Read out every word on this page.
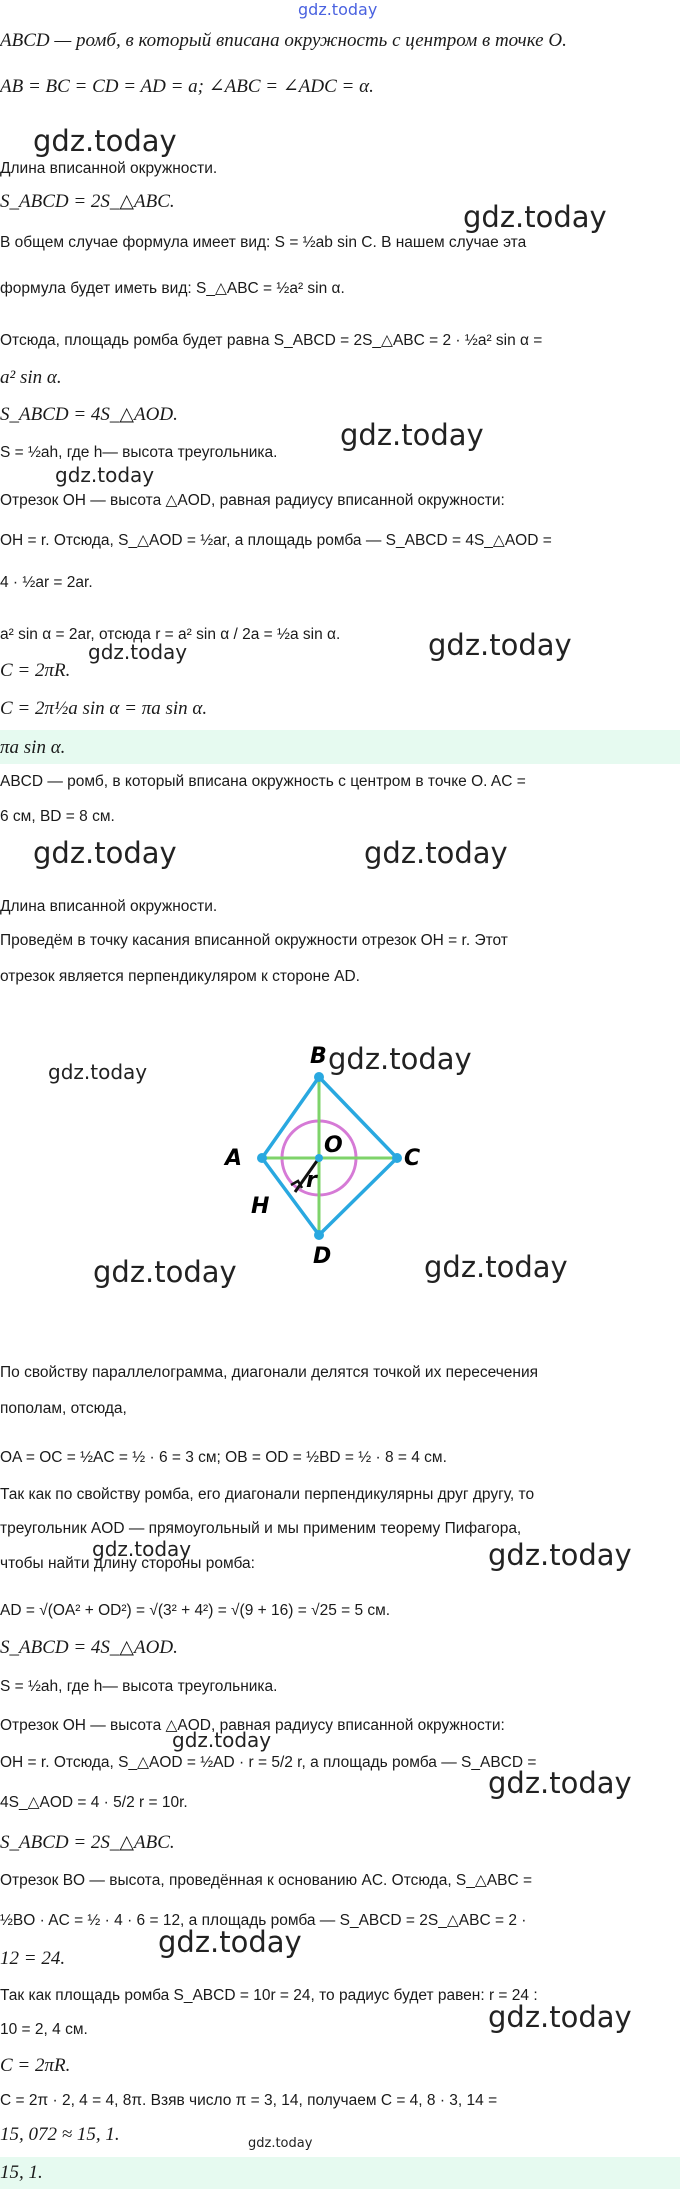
gdz.today
ABCD — ромб, в который вписана окружность с центром в точке O.
AB = BC = CD = AD = a; ∠ABC = ∠ADC = α.
Длина вписанной окружности.
S_ABCD = 2S_△ABC.
В общем случае формула имеет вид: S = ½ab sin C. В нашем случае эта
формула будет иметь вид: S_△ABC = ½a² sin α.
Отсюда, площадь ромба будет равна S_ABCD = 2S_△ABC = 2 · ½a² sin α =
a² sin α.
S_ABCD = 4S_△AOD.
S = ½ah, где h— высота треугольника.
Отрезок OH — высота △AOD, равная радиусу вписанной окружности:
OH = r. Отсюда, S_△AOD = ½ar, а площадь ромба — S_ABCD = 4S_△AOD =
4 · ½ar = 2ar.
a² sin α = 2ar, отсюда r = a² sin α / 2a = ½a sin α.
C = 2πR.
C = 2π½a sin α = πa sin α.
πa sin α.
ABCD — ромб, в который вписана окружность с центром в точке O. AC =
6 см, BD = 8 см.
Длина вписанной окружности.
Проведём в точку касания вписанной окружности отрезок OH = r. Этот
отрезок является перпендикуляром к стороне AD.
B
C
D
A
O
H
r
По свойству параллелограмма, диагонали делятся точкой их пересечения
пополам, отсюда,
OA = OC = ½AC = ½ · 6 = 3 см; OB = OD = ½BD = ½ · 8 = 4 см.
Так как по свойству ромба, его диагонали перпендикулярны друг другу, то
треугольник AOD — прямоугольный и мы применим теорему Пифагора,
чтобы найти длину стороны ромба:
AD = √(OA² + OD²) = √(3² + 4²) = √(9 + 16) = √25 = 5 см.
S_ABCD = 4S_△AOD.
S = ½ah, где h— высота треугольника.
Отрезок OH — высота △AOD, равная радиусу вписанной окружности:
OH = r. Отсюда, S_△AOD = ½AD · r = 5/2 r, а площадь ромба — S_ABCD =
4S_△AOD = 4 · 5/2 r = 10r.
S_ABCD = 2S_△ABC.
Отрезок BO — высота, проведённая к основанию AC. Отсюда, S_△ABC =
½BO · AC = ½ · 4 · 6 = 12, а площадь ромба — S_ABCD = 2S_△ABC = 2 ·
12 = 24.
Так как площадь ромба S_ABCD = 10r = 24, то радиус будет равен: r = 24 :
10 = 2, 4 см.
C = 2πR.
C = 2π · 2, 4 = 4, 8π. Взяв число π = 3, 14, получаем C = 4, 8 · 3, 14 =
15, 072 ≈ 15, 1.
15, 1.
gdz.today
gdz.today
gdz.today
gdz.today
gdz.today	gdz.today
gdz.today	gdz.today
gdz.today	gdz.today
gdz.today	gdz.today
gdz.today	gdz.today
gdz.today
gdz.today
gdz.today
gdz.today
gdz.today
